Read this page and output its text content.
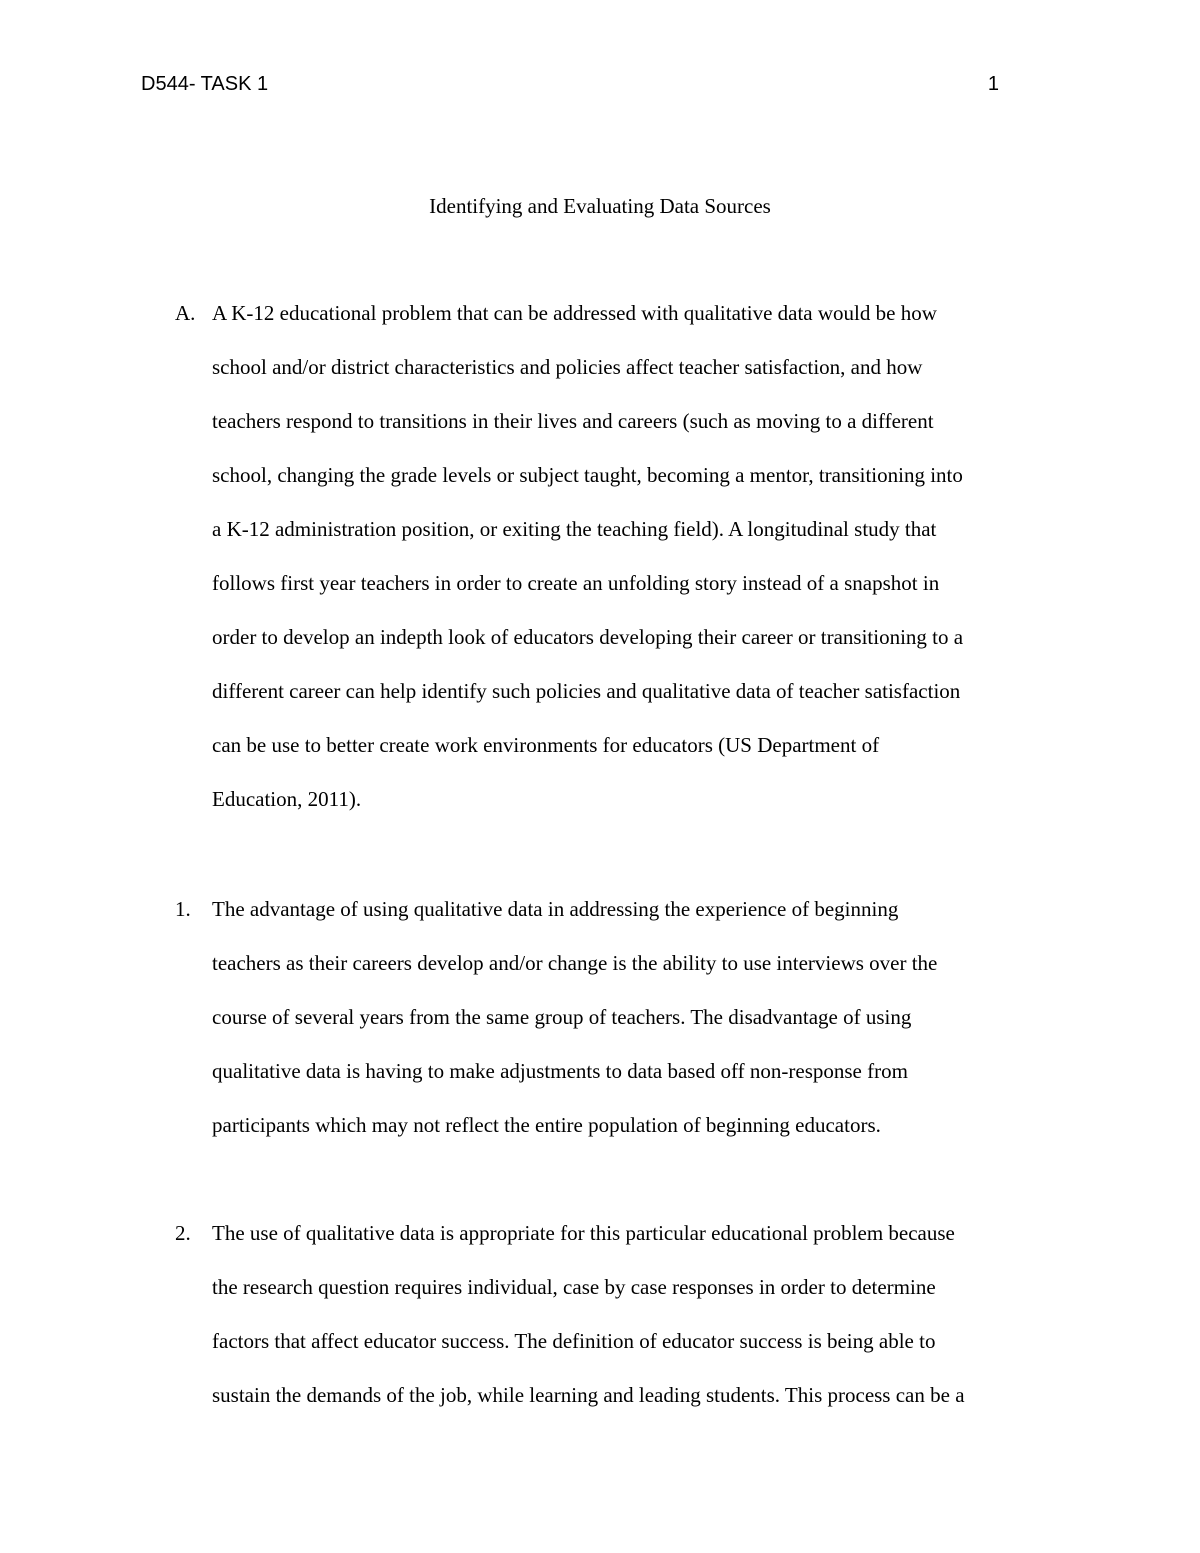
D544- TASK 1	1
Identifying and Evaluating Data Sources
A. A K-12 educational problem that can be addressed with qualitative data would be how
school and/or district characteristics and policies affect teacher satisfaction, and how
teachers respond to transitions in their lives and careers (such as moving to a different
school, changing the grade levels or subject taught, becoming a mentor, transitioning into
a K-12 administration position, or exiting the teaching field). A longitudinal study that
follows first year teachers in order to create an unfolding story instead of a snapshot in
order to develop an indepth look of educators developing their career or transitioning to a
different career can help identify such policies and qualitative data of teacher satisfaction
can be use to better create work environments for educators (US Department of
Education, 2011).
1. The advantage of using qualitative data in addressing the experience of beginning
teachers as their careers develop and/or change is the ability to use interviews over the
course of several years from the same group of teachers. The disadvantage of using
qualitative data is having to make adjustments to data based off non-response from
participants which may not reflect the entire population of beginning educators.
2. The use of qualitative data is appropriate for this particular educational problem because
the research question requires individual, case by case responses in order to determine
factors that affect educator success. The definition of educator success is being able to
sustain the demands of the job, while learning and leading students. This process can be a
